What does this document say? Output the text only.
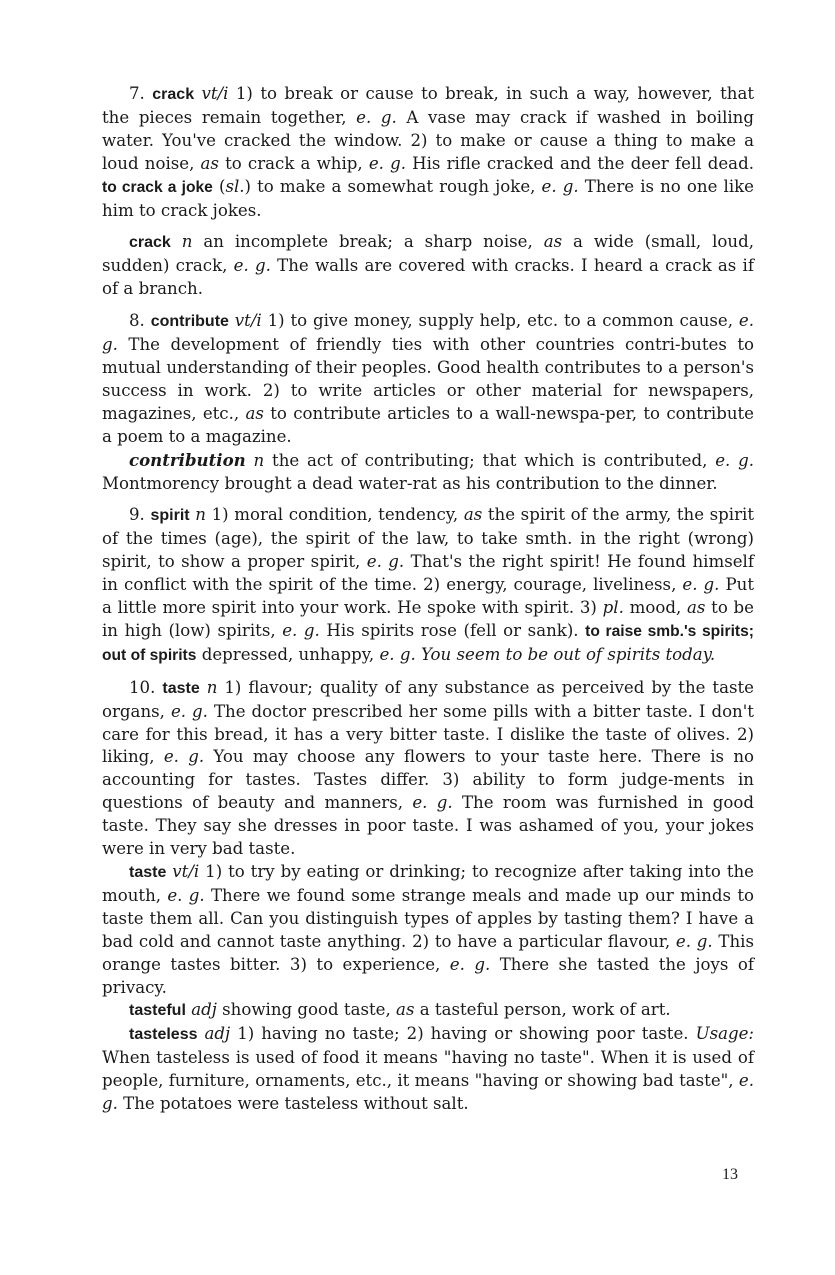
7. crack vt/i 1) to break or cause to break, in such a way, however, that the pieces remain together, e. g. A vase may crack if washed in boiling water. You've cracked the window. 2) to make or cause a thing to make a loud noise, as to crack a whip, e. g. His rifle cracked and the deer fell dead. to crack a joke (sl.) to make a somewhat rough joke, e. g. There is no one like him to crack jokes.

crack n an incomplete break; a sharp noise, as a wide (small, loud, sudden) crack, e. g. The walls are covered with cracks. I heard a crack as if of a branch.

8. contribute vt/i 1) to give money, supply help, etc. to a common cause, e. g. The development of friendly ties with other countries contri-butes to mutual understanding of their peoples. Good health contributes to a person's success in work. 2) to write articles or other material for newspapers, magazines, etc., as to contribute articles to a wall-newspa-per, to contribute a poem to a magazine.

contribution n the act of contributing; that which is contributed, e. g. Montmorency brought a dead water-rat as his contribution to the dinner.

9. spirit n 1) moral condition, tendency, as the spirit of the army, the spirit of the times (age), the spirit of the law, to take smth. in the right (wrong) spirit, to show a proper spirit, e. g. That's the right spirit! He found himself in conflict with the spirit of the time. 2) energy, courage, liveliness, e. g. Put a little more spirit into your work. He spoke with spirit. 3) pl. mood, as to be in high (low) spirits, e. g. His spirits rose (fell or sank). to raise smb.'s spirits; out of spirits depressed, unhappy, e. g. You seem to be out of spirits today.

10. taste n 1) flavour; quality of any substance as perceived by the taste organs, e. g. The doctor prescribed her some pills with a bitter taste. I don't care for this bread, it has a very bitter taste. I dislike the taste of olives. 2) liking, e. g. You may choose any flowers to your taste here. There is no accounting for tastes. Tastes differ. 3) ability to form judge-ments in questions of beauty and manners, e. g. The room was furnished in good taste. They say she dresses in poor taste. I was ashamed of you, your jokes were in very bad taste.

taste vt/i 1) to try by eating or drinking; to recognize after taking into the mouth, e. g. There we found some strange meals and made up our minds to taste them all. Can you distinguish types of apples by tasting them? I have a bad cold and cannot taste anything. 2) to have a particular flavour, e. g. This orange tastes bitter. 3) to experience, e. g. There she tasted the joys of privacy.

tasteful adj showing good taste, as a tasteful person, work of art.

tasteless adj 1) having no taste; 2) having or showing poor taste. Usage: When tasteless is used of food it means "having no taste". When it is used of people, furniture, ornaments, etc., it means "having or showing bad taste", e. g. The potatoes were tasteless without salt.

13
